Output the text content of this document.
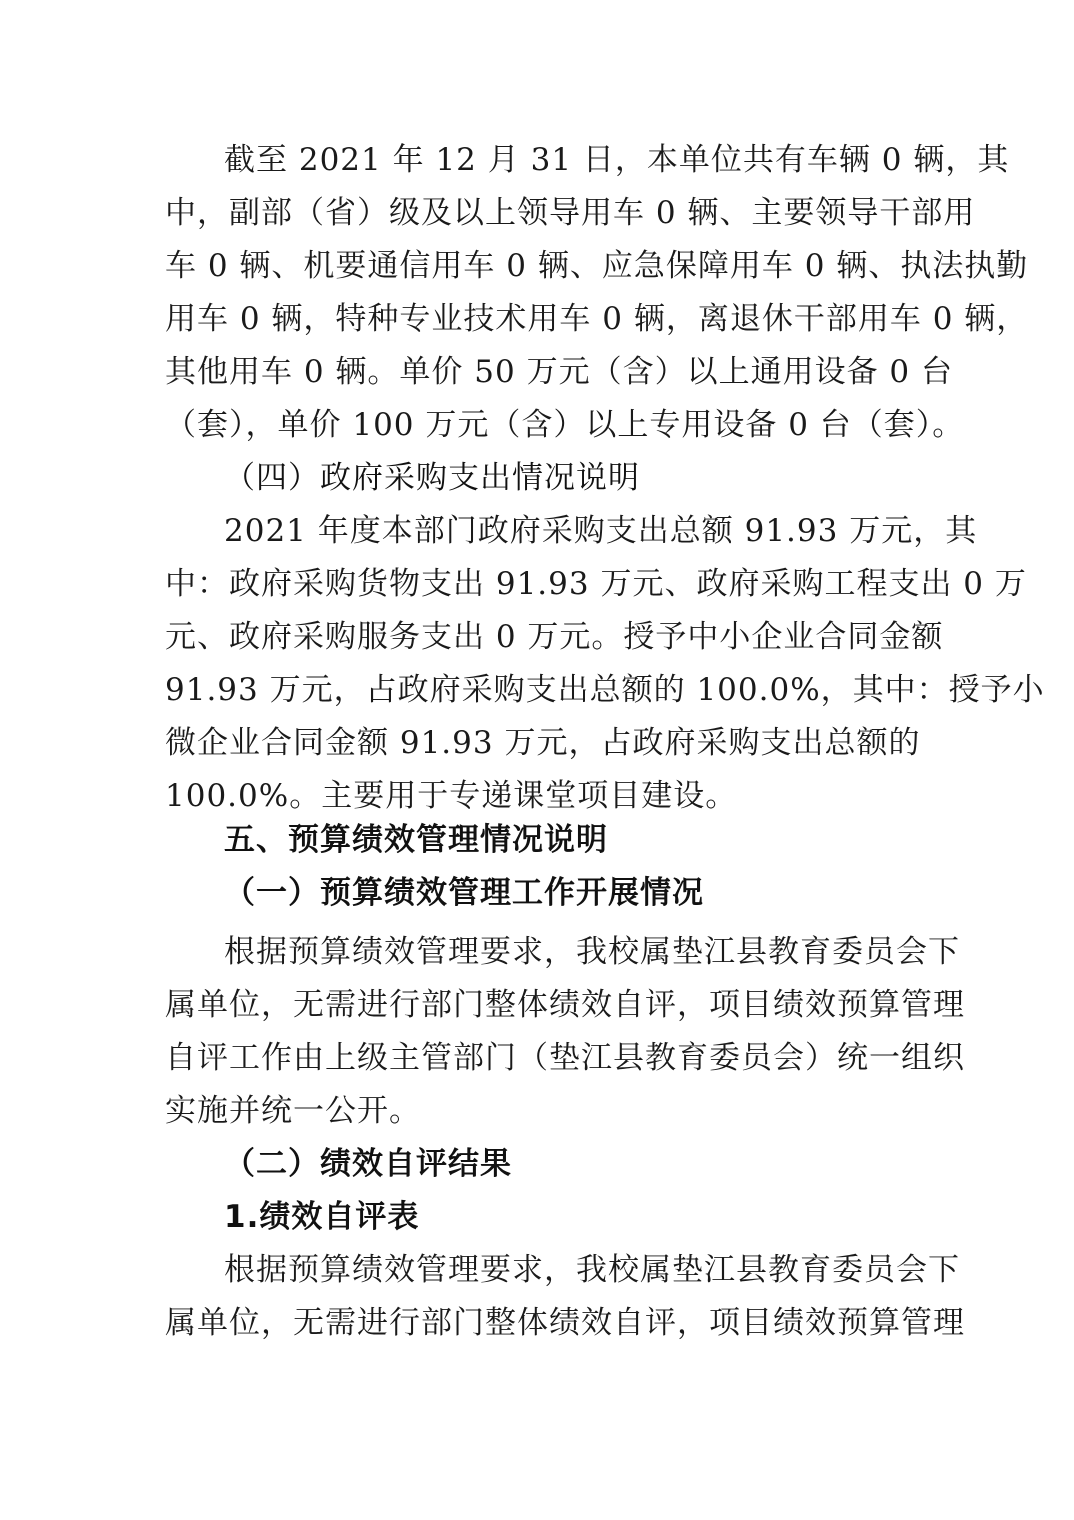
截至 2021 年 12 月 31 日，本单位共有车辆 0 辆，其
中，副部（省）级及以上领导用车 0 辆、主要领导干部用
车 0 辆、机要通信用车 0 辆、应急保障用车 0 辆、执法执勤
用车 0 辆，特种专业技术用车 0 辆，离退休干部用车 0 辆，
其他用车 0 辆。单价 50 万元（含）以上通用设备 0 台
（套），单价 100 万元（含）以上专用设备 0 台（套）。
（四）政府采购支出情况说明
2021 年度本部门政府采购支出总额 91.93 万元，其
中：政府采购货物支出 91.93 万元、政府采购工程支出 0 万
元、政府采购服务支出 0 万元。授予中小企业合同金额
91.93 万元，占政府采购支出总额的 100.0%，其中：授予小
微企业合同金额 91.93 万元，占政府采购支出总额的
100.0%。主要用于专递课堂项目建设。
五、预算绩效管理情况说明
（一）预算绩效管理工作开展情况
根据预算绩效管理要求，我校属垫江县教育委员会下
属单位，无需进行部门整体绩效自评，项目绩效预算管理
自评工作由上级主管部门（垫江县教育委员会）统一组织
实施并统一公开。
（二）绩效自评结果
1.绩效自评表
根据预算绩效管理要求，我校属垫江县教育委员会下
属单位，无需进行部门整体绩效自评，项目绩效预算管理
